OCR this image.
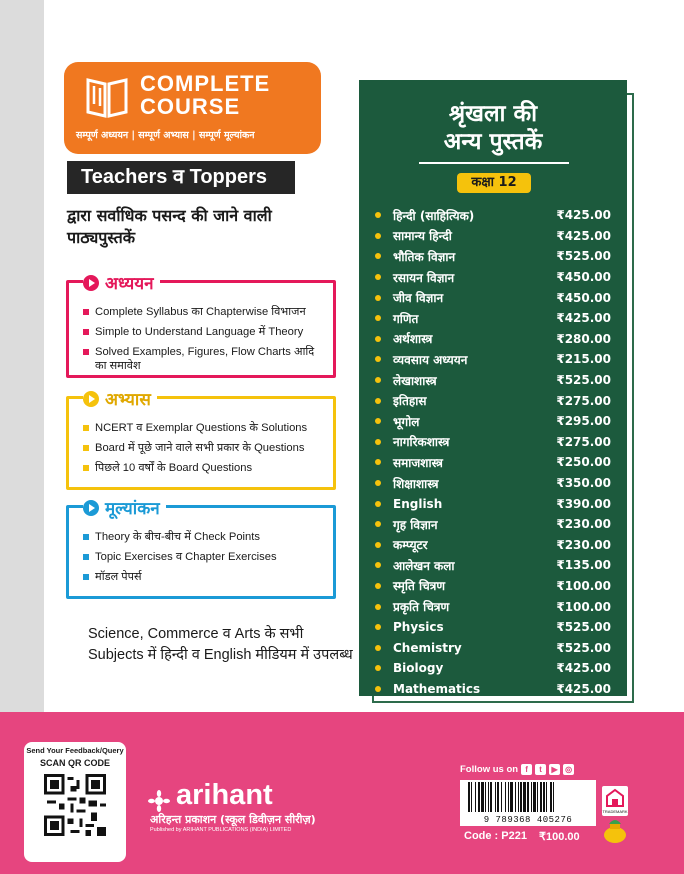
COMPLETE
COURSE
सम्पूर्ण अध्ययन | सम्पूर्ण अभ्यास | सम्पूर्ण मूल्यांकन
Teachers व Toppers
द्वारा सर्वाधिक पसन्द की जाने वाली पाठ्यपुस्तकें
अध्ययन
Complete Syllabus का Chapterwise विभाजन
Simple to Understand Language में Theory
Solved Examples, Figures, Flow Charts आदि का समावेश
अभ्यास
NCERT व Exemplar Questions के Solutions
Board में पूछे जाने वाले सभी प्रकार के Questions
पिछले 10 वर्षों के Board Questions
मूल्यांकन
Theory के बीच-बीच में Check Points
Topic Exercises व Chapter Exercises
मॉडल पेपर्स
Science, Commerce व Arts के सभी Subjects में हिन्दी व English मीडियम में उपलब्ध
श्रृंखला की
अन्य पुस्तकें
कक्षा 12
हिन्दी (साहित्यिक)	₹425.00
सामान्य हिन्दी	₹425.00
भौतिक विज्ञान	₹525.00
रसायन विज्ञान	₹450.00
जीव विज्ञान	₹450.00
गणित	₹425.00
अर्थशास्त्र	₹280.00
व्यवसाय अध्ययन	₹215.00
लेखाशास्त्र	₹525.00
इतिहास	₹275.00
भूगोल	₹295.00
नागरिकशास्त्र	₹275.00
समाजशास्त्र	₹250.00
शिक्षाशास्त्र	₹350.00
English	₹390.00
गृह विज्ञान	₹230.00
कम्प्यूटर	₹230.00
आलेखन कला	₹135.00
स्मृति चित्रण	₹100.00
प्रकृति चित्रण	₹100.00
Physics	₹525.00
Chemistry	₹525.00
Biology	₹425.00
Mathematics	₹425.00
Send Your Feedback/Query
SCAN QR CODE
arihant
अरिहन्त प्रकाशन (स्कूल डिवीज़न सीरीज़)
Published by ARIHANT PUBLICATIONS (INDIA) LIMITED
Follow us on f	t	▶ ◎
9 789368 405276
Code : P221 ₹100.00
TRADEMARK
